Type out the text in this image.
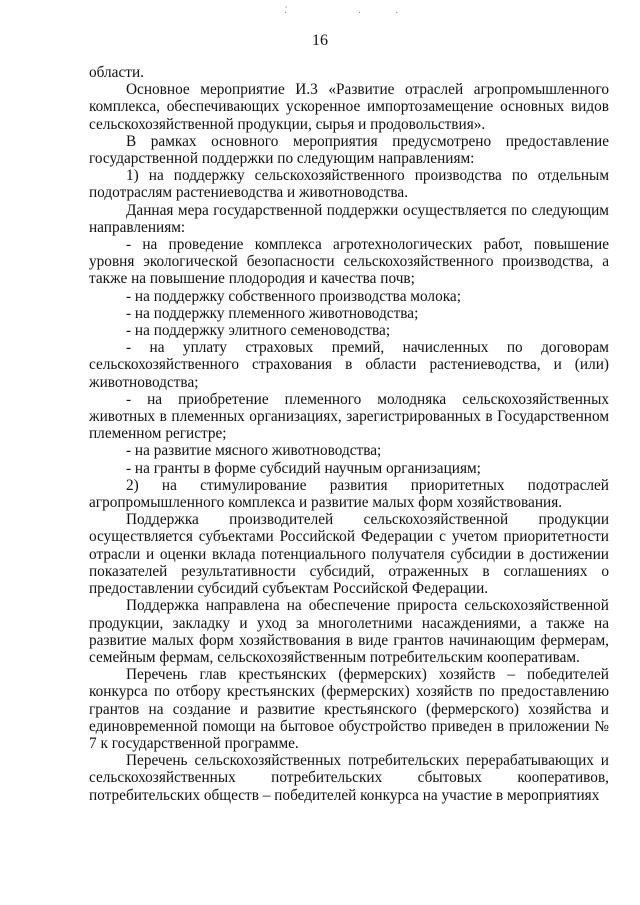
·́ ··
16

области.

Основное мероприятие И.3 «Развитие отраслей агропромышленного комплекса, обеспечивающих ускоренное импортозамещение основных видов сельскохозяйственной продукции, сырья и продовольствия».

В рамках основного мероприятия предусмотрено предоставление государственной поддержки по следующим направлениям:

1) на поддержку сельскохозяйственного производства по отдельным подотраслям растениеводства и животноводства.

Данная мера государственной поддержки осуществляется по следующим направлениям:

- на проведение комплекса агротехнологических работ, повышение уровня экологической безопасности сельскохозяйственного производства, а также на повышение плодородия и качества почв;

- на поддержку собственного производства молока;

- на поддержку племенного животноводства;

- на поддержку элитного семеноводства;

- на уплату страховых премий, начисленных по договорам сельскохозяйственного страхования в области растениеводства, и (или) животноводства;

- на приобретение племенного молодняка сельскохозяйственных животных в племенных организациях, зарегистрированных в Государственном племенном регистре;

- на развитие мясного животноводства;

- на гранты в форме субсидий научным организациям;

2) на стимулирование развития приоритетных подотраслей агропромышленного комплекса и развитие малых форм хозяйствования.

Поддержка производителей сельскохозяйственной продукции осуществляется субъектами Российской Федерации с учетом приоритетности отрасли и оценки вклада потенциального получателя субсидии в достижении показателей результативности субсидий, отраженных в соглашениях о предоставлении субсидий субъектам Российской Федерации.

Поддержка направлена на обеспечение прироста сельскохозяйственной продукции, закладку и уход за многолетними насаждениями, а также на развитие малых форм хозяйствования в виде грантов начинающим фермерам, семейным фермам, сельскохозяйственным потребительским кооперативам.

Перечень глав крестьянских (фермерских) хозяйств – победителей конкурса по отбору крестьянских (фермерских) хозяйств по предоставлению грантов на создание и развитие крестьянского (фермерского) хозяйства и единовременной помощи на бытовое обустройство приведен в приложении № 7 к государственной программе.

Перечень сельскохозяйственных потребительских перерабатывающих и сельскохозяйственных потребительских сбытовых кооперативов, потребительских обществ – победителей конкурса на участие в мероприятиях
